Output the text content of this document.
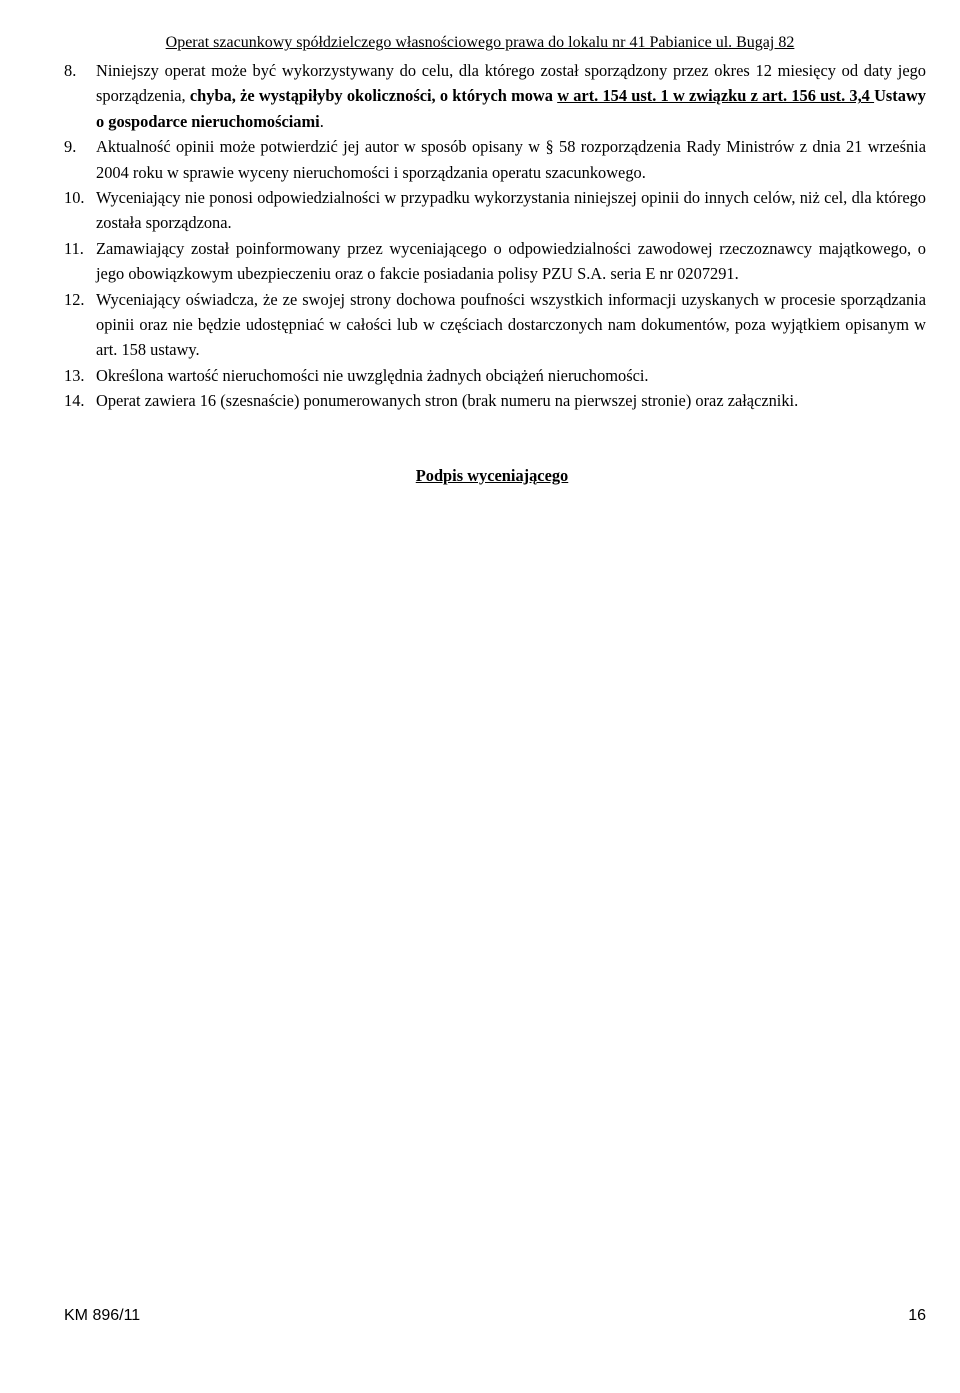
Operat szacunkowy spółdzielczego własnościowego prawa do lokalu nr 41 Pabianice ul. Bugaj 82
8. Niniejszy operat może być wykorzystywany do celu, dla którego został sporządzony przez okres 12 miesięcy od daty jego sporządzenia, chyba, że wystąpiłyby okoliczności, o których mowa w art. 154 ust. 1 w związku z art. 156 ust. 3,4 Ustawy o gospodarce nieruchomościami.
9. Aktualność opinii może potwierdzić jej autor w sposób opisany w § 58 rozporządzenia Rady Ministrów z dnia 21 września 2004 roku w sprawie wyceny nieruchomości i sporządzania operatu szacunkowego.
10. Wyceniający nie ponosi odpowiedzialności w przypadku wykorzystania niniejszej opinii do innych celów, niż cel, dla którego została sporządzona.
11. Zamawiający został poinformowany przez wyceniającego o odpowiedzialności zawodowej rzeczoznawcy majątkowego, o jego obowiązkowym ubezpieczeniu oraz o fakcie posiadania polisy PZU S.A. seria E nr 0207291.
12. Wyceniający oświadcza, że ze swojej strony dochowa poufności wszystkich informacji uzyskanych w procesie sporządzania opinii oraz nie będzie udostępniać w całości lub w częściach dostarczonych nam dokumentów, poza wyjątkiem opisanym w art. 158 ustawy.
13. Określona wartość nieruchomości nie uwzględnia żadnych obciążeń nieruchomości.
14. Operat zawiera 16 (szesnaście) ponumerowanych stron (brak numeru na pierwszej stronie) oraz załączniki.
Podpis wyceniającego
KM 896/11	16
